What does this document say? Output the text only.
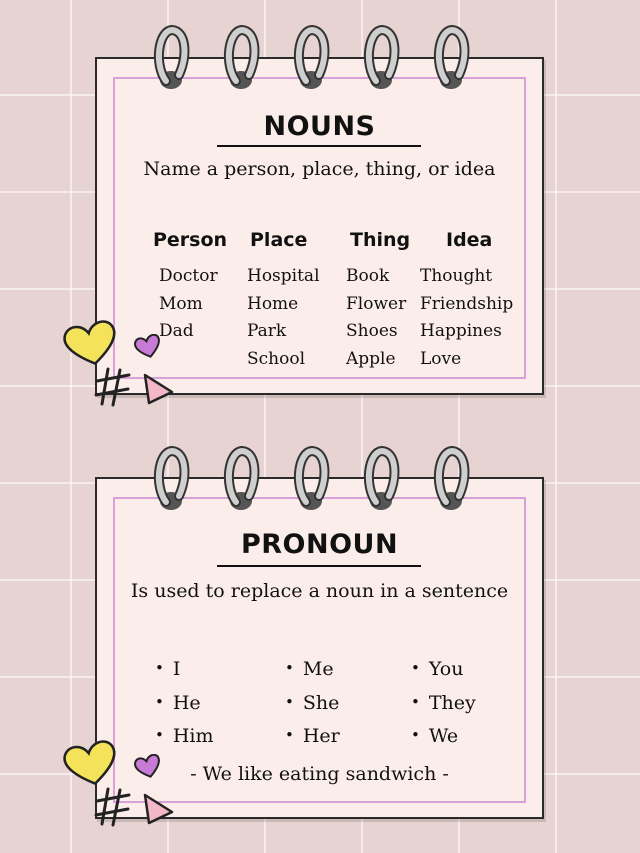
NOUNS
Name a person, place, thing, or idea
Person Place Thing Idea
Doctor
Mom
Dad
Hospital
Home
Park
School
Book
Flower
Shoes
Apple
Thought
Friendship
Happines
Love
PRONOUN
Is used to replace a noun in a sentence
• I
• He
• Him
• Me
• She
• Her
• You
• They
• We
- We like eating sandwich -
